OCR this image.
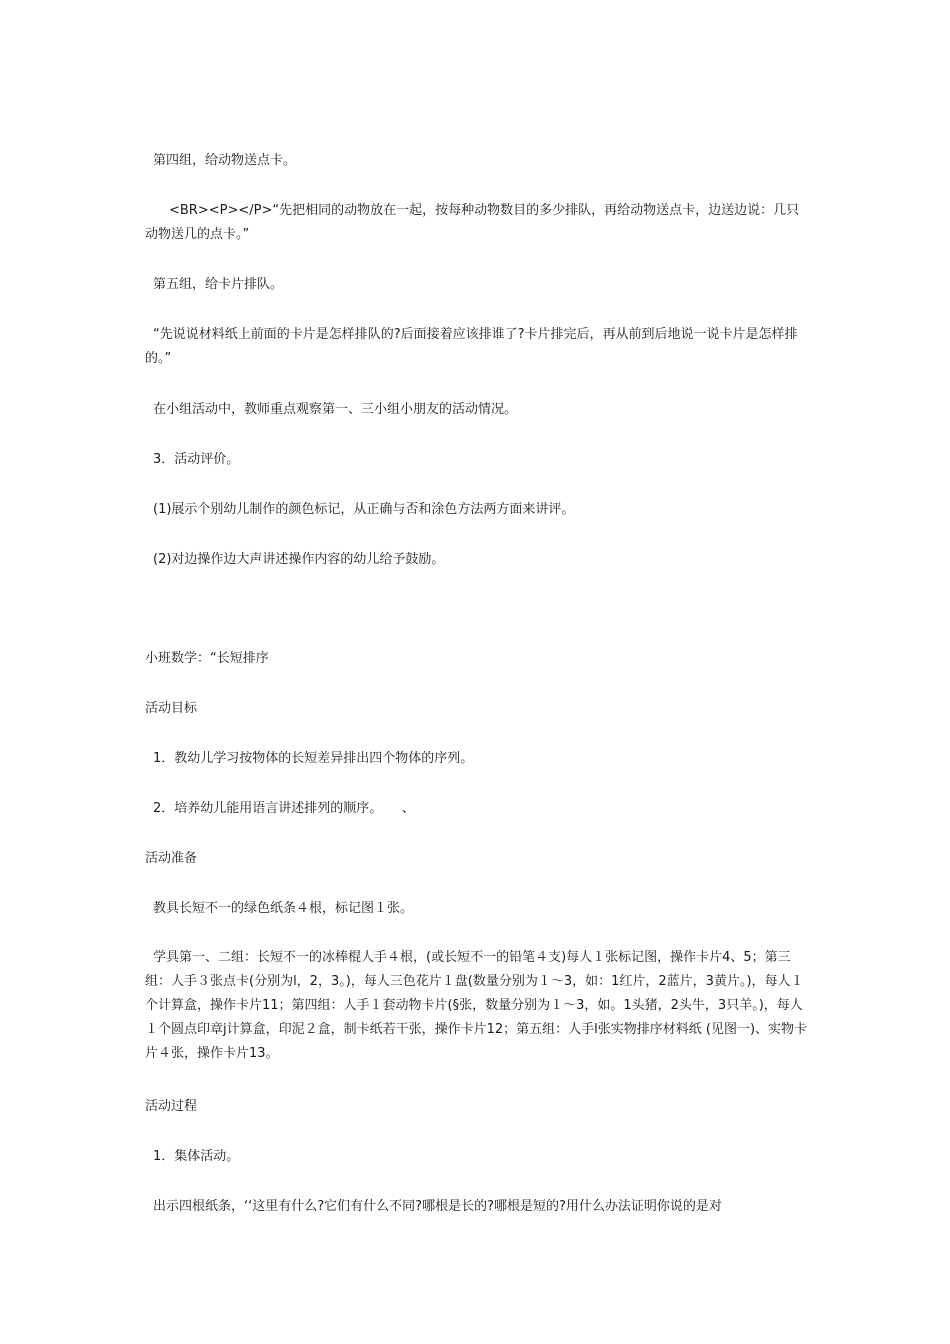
第四组，给动物送点卡。

<BR><P></P>“先把相同的动物放在一起，按每种动物数目的多少排队，再给动物送点卡，边送边说：几只动物送几的点卡。”

第五组，给卡片排队。

“先说说材料纸上前面的卡片是怎样排队的?后面接着应该排谁了?卡片排完后，再从前到后地说一说卡片是怎样排的。”

在小组活动中，教师重点观察第一、三小组小朋友的活动情况。

3．活动评价。

(1)展示个别幼儿制作的颜色标记，从正确与否和涂色方法两方面来讲评。

(2)对边操作边大声讲述操作内容的幼儿给予鼓励。

小班数学：“长短排序

活动目标

1．教幼儿学习按物体的长短差异排出四个物体的序列。

2．培养幼儿能用语言讲述排列的顺序。　　、

活动准备

教具长短不一的绿色纸条４根，标记图１张。

学具第一、二组：长短不一的冰棒棍人手４根，(或长短不一的铅笔４支)每人１张标记图，操作卡片4、5；第三组：人手３张点卡(分别为l，2，3。)，每人三色花片１盘(数量分别为１～3，如：1红片，2蓝片，3黄片。)，每人１个计算盒，操作卡片11；第四组：人手１套动物卡片(§张，数量分别为１～3，如。1头猪，2头牛，3只羊。)，每人１个圆点印章j计算盒，印泥２盒，制卡纸若干张，操作卡片12；第五组：人手l张实物排序材料纸 (见图一)、实物卡片４张，操作卡片13。

活动过程

1．集体活动。

出示四根纸条，‘‘这里有什么?它们有什么不同?哪根是长的?哪根是短的?用什么办法证明你说的是对
